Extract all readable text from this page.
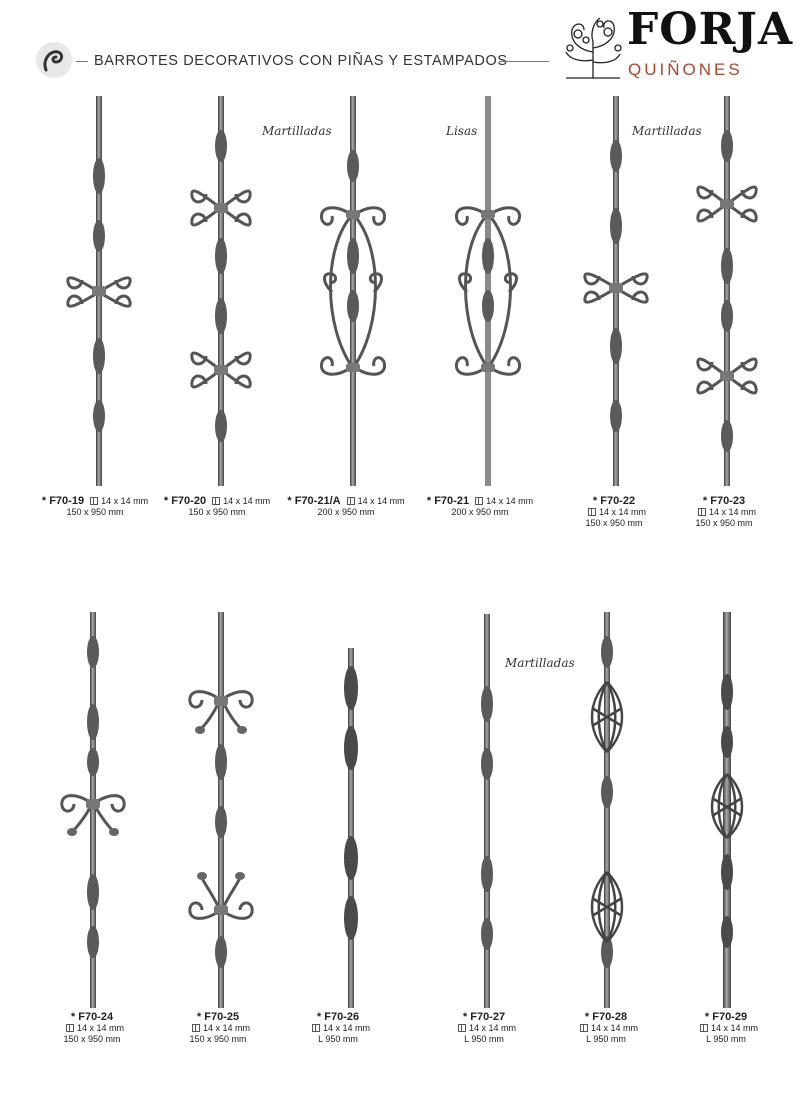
BARROTES DECORATIVOS CON PIÑAS Y ESTAMPADOS
FORJA
QUIÑONES
Martilladas	Lisas	Martilladas
Martilladas
* F70-19 14 x 14 mm
150 x 950 mm
* F70-20 14 x 14 mm
150 x 950 mm
* F70-21/A 14 x 14 mm
200 x 950 mm
* F70-21 14 x 14 mm
200 x 950 mm
* F70-22
14 x 14 mm
150 x 950 mm
* F70-23
14 x 14 mm
150 x 950 mm
* F70-24
14 x 14 mm
150 x 950 mm
* F70-25
14 x 14 mm
150 x 950 mm
* F70-26
14 x 14 mm
L 950 mm
* F70-27
14 x 14 mm
L 950 mm
* F70-28
14 x 14 mm
L 950 mm
* F70-29
14 x 14 mm
L 950 mm
